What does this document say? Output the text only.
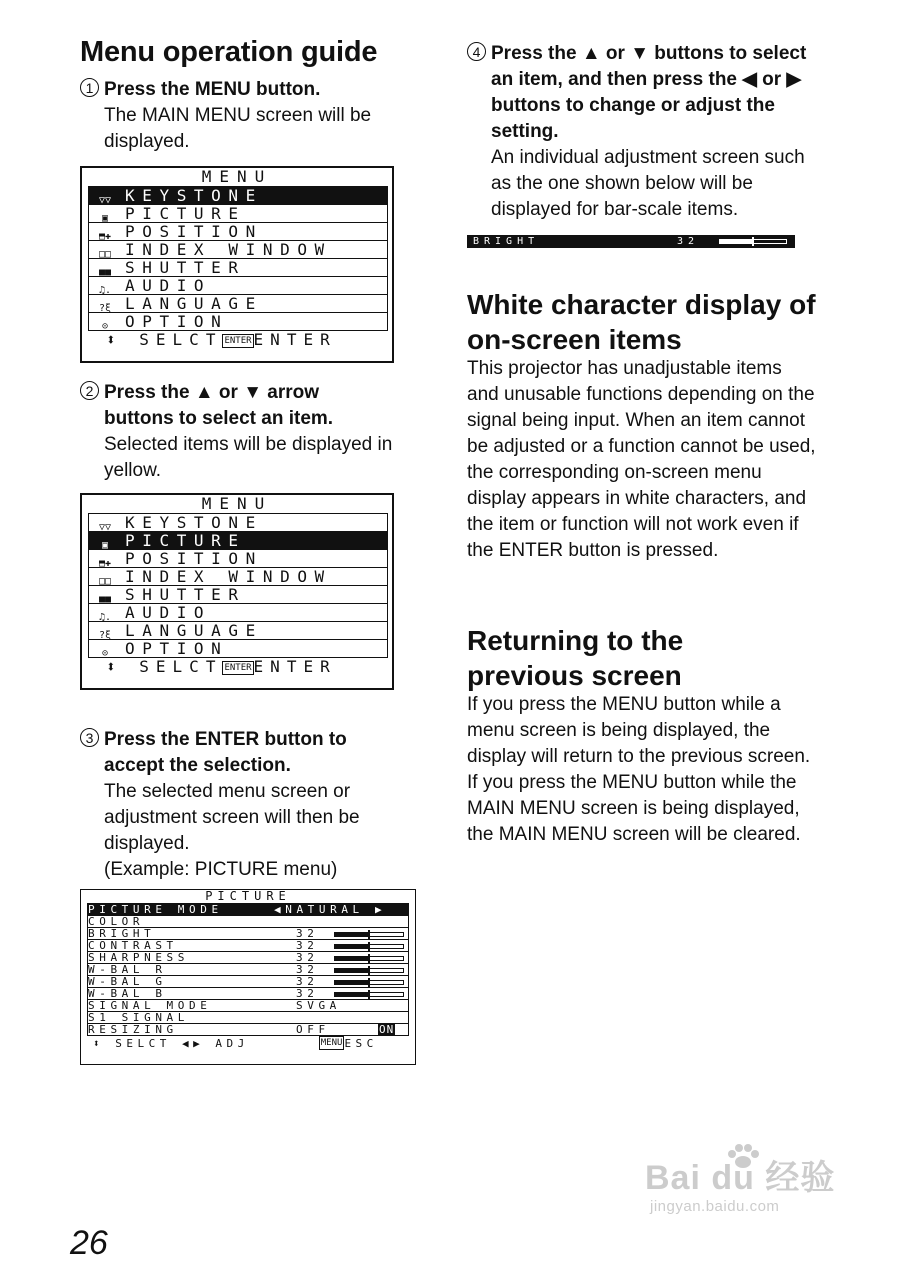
Menu operation guide
1 Press the MENU button.
The MAIN MENU screen will be displayed.
MENU
▽▽ KEYSTONE
▣ PICTURE
⬒✚ POSITION
□□ INDEX WINDOW
■■ SHUTTER
♫. AUDIO
?ξ LANGUAGE
⊝ OPTION
⬍ SELCT ENTER ENTER
2 Press the ▲ or ▼ arrow buttons to select an item.
Selected items will be displayed in yellow.
MENU
▽▽ KEYSTONE
▣ PICTURE
⬒✚ POSITION
□□ INDEX WINDOW
■■ SHUTTER
♫. AUDIO
?ξ LANGUAGE
⊝ OPTION
⬍ SELCT ENTER ENTER
3 Press the ENTER button to accept the selection.
The selected menu screen or adjustment screen will then be displayed.
(Example: PICTURE menu)
PICTURE
PICTURE MODE	◀NATURAL ▶
COLOR
BRIGHT	32
CONTRAST	32
SHARPNESS	32
W-BAL R	32
W-BAL G	32
W-BAL B	32
SIGNAL MODE	SVGA
S1 SIGNAL
RESIZING	OFF	ON
⬍ SELCT ◀▶ ADJ	MENU ESC
4 Press the ▲ or ▼ buttons to select an item, and then press the ◀ or ▶ buttons to change or adjust the setting.
An individual adjustment screen such as the one shown below will be displayed for bar-scale items.
BRIGHT	32
White character display of on-screen items
This projector has unadjustable items and unusable functions depending on the signal being input. When an item cannot be adjusted or a function cannot be used, the corresponding on-screen menu display appears in white characters, and the item or function will not work even if the ENTER button is pressed.
Returning to the previous screen
If you press the MENU button while a menu screen is being displayed, the display will return to the previous screen.
If you press the MENU button while the MAIN MENU screen is being displayed, the MAIN MENU screen will be cleared.
26
Bai du 经验
jingyan.baidu.com
